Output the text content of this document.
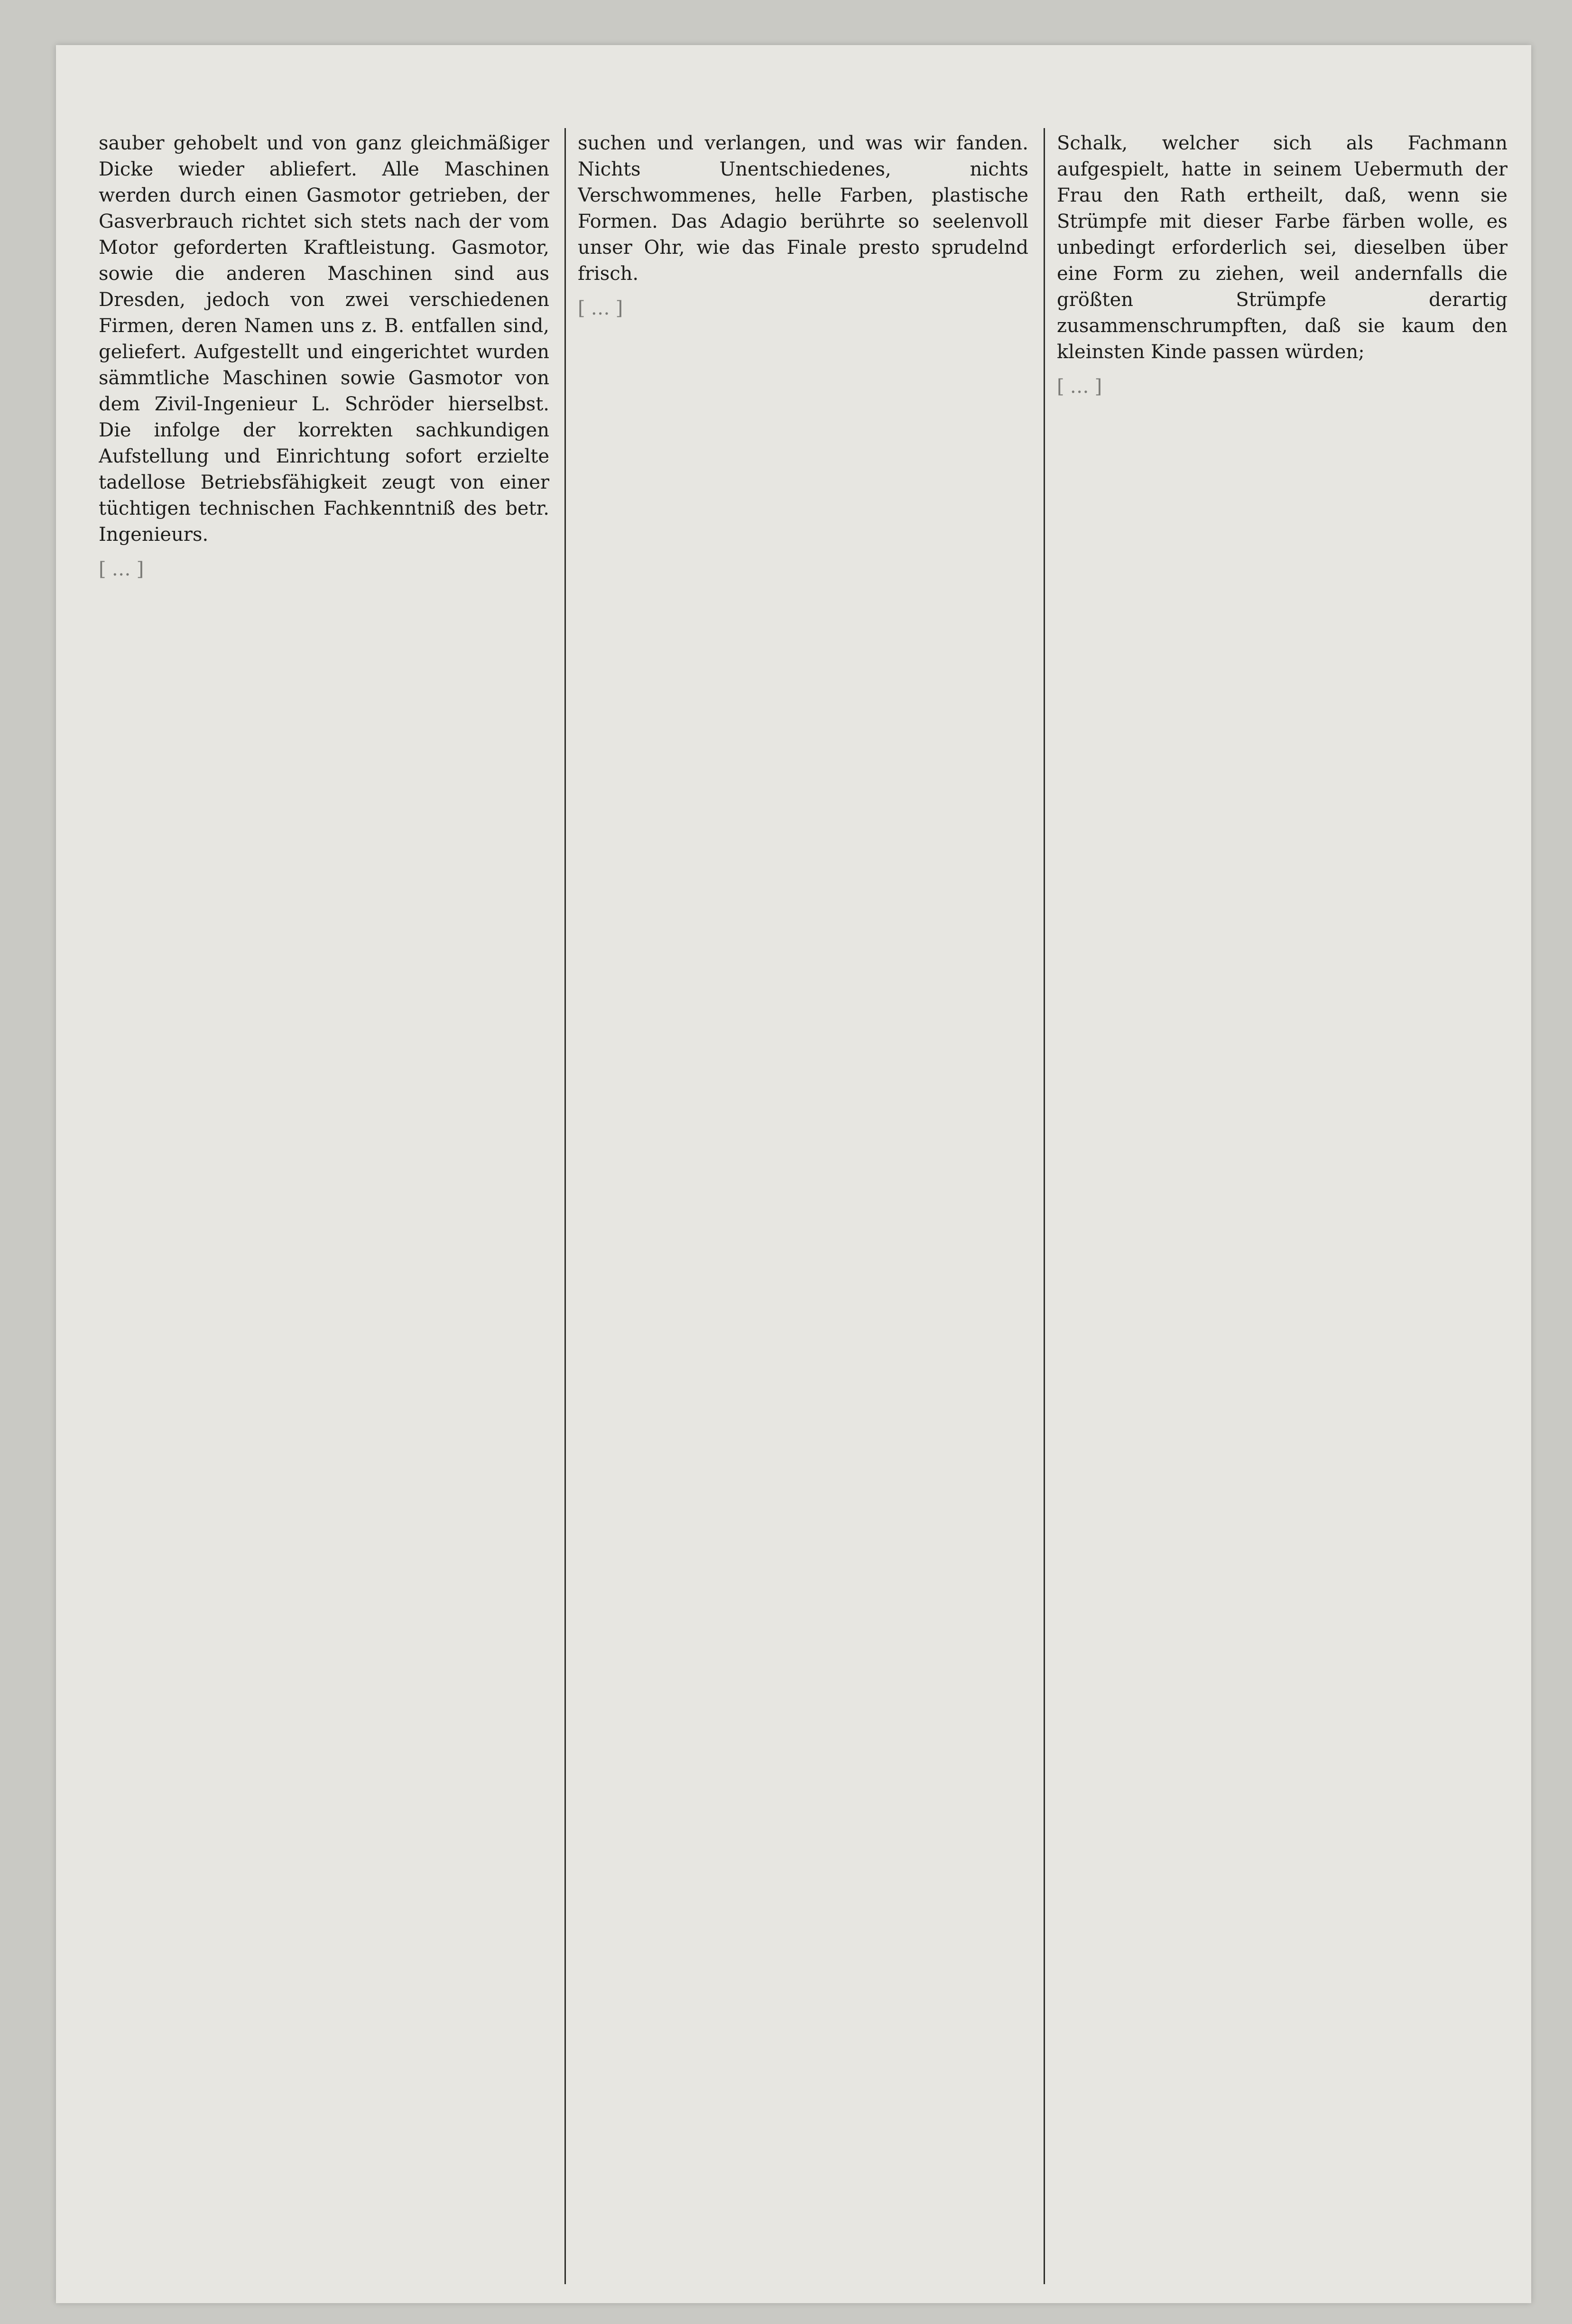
sauber gehobelt und von ganz gleichmäßiger Dicke wieder abliefert. Alle Maschinen werden durch einen Gasmotor getrieben, der Gasverbrauch richtet sich stets nach der vom Motor geforderten Kraftleistung. Gasmotor, sowie die anderen Maschinen sind aus Dresden, jedoch von zwei verschiedenen Firmen, deren Namen uns z. B. entfallen sind, geliefert. Aufgestellt und eingerichtet wurden sämmtliche Maschinen sowie Gasmotor von dem Zivil-Ingenieur L. Schröder hierselbst. Die infolge der korrekten sachkundigen Aufstellung und Einrichtung sofort erzielte tadellose Betriebsfähigkeit zeugt von einer tüchtigen technischen Fachkenntniß des betr. Ingenieurs.

[…]

suchen und verlangen, und was wir fanden. Nichts Unentschiedenes, nichts Verschwommenes, helle Farben, plastische Formen. Das Adagio berührte so seelenvoll unser Ohr, wie das Finale presto sprudelnd frisch.

[…]

Schalk, welcher sich als Fachmann aufgespielt, hatte in seinem Uebermuth der Frau den Rath ertheilt, daß, wenn sie Strümpfe mit dieser Farbe färben wolle, es unbedingt erforderlich sei, dieselben über eine Form zu ziehen, weil andernfalls die größten Strümpfe derartig zusammenschrumpften, daß sie kaum den kleinsten Kinde passen würden;

[…]
